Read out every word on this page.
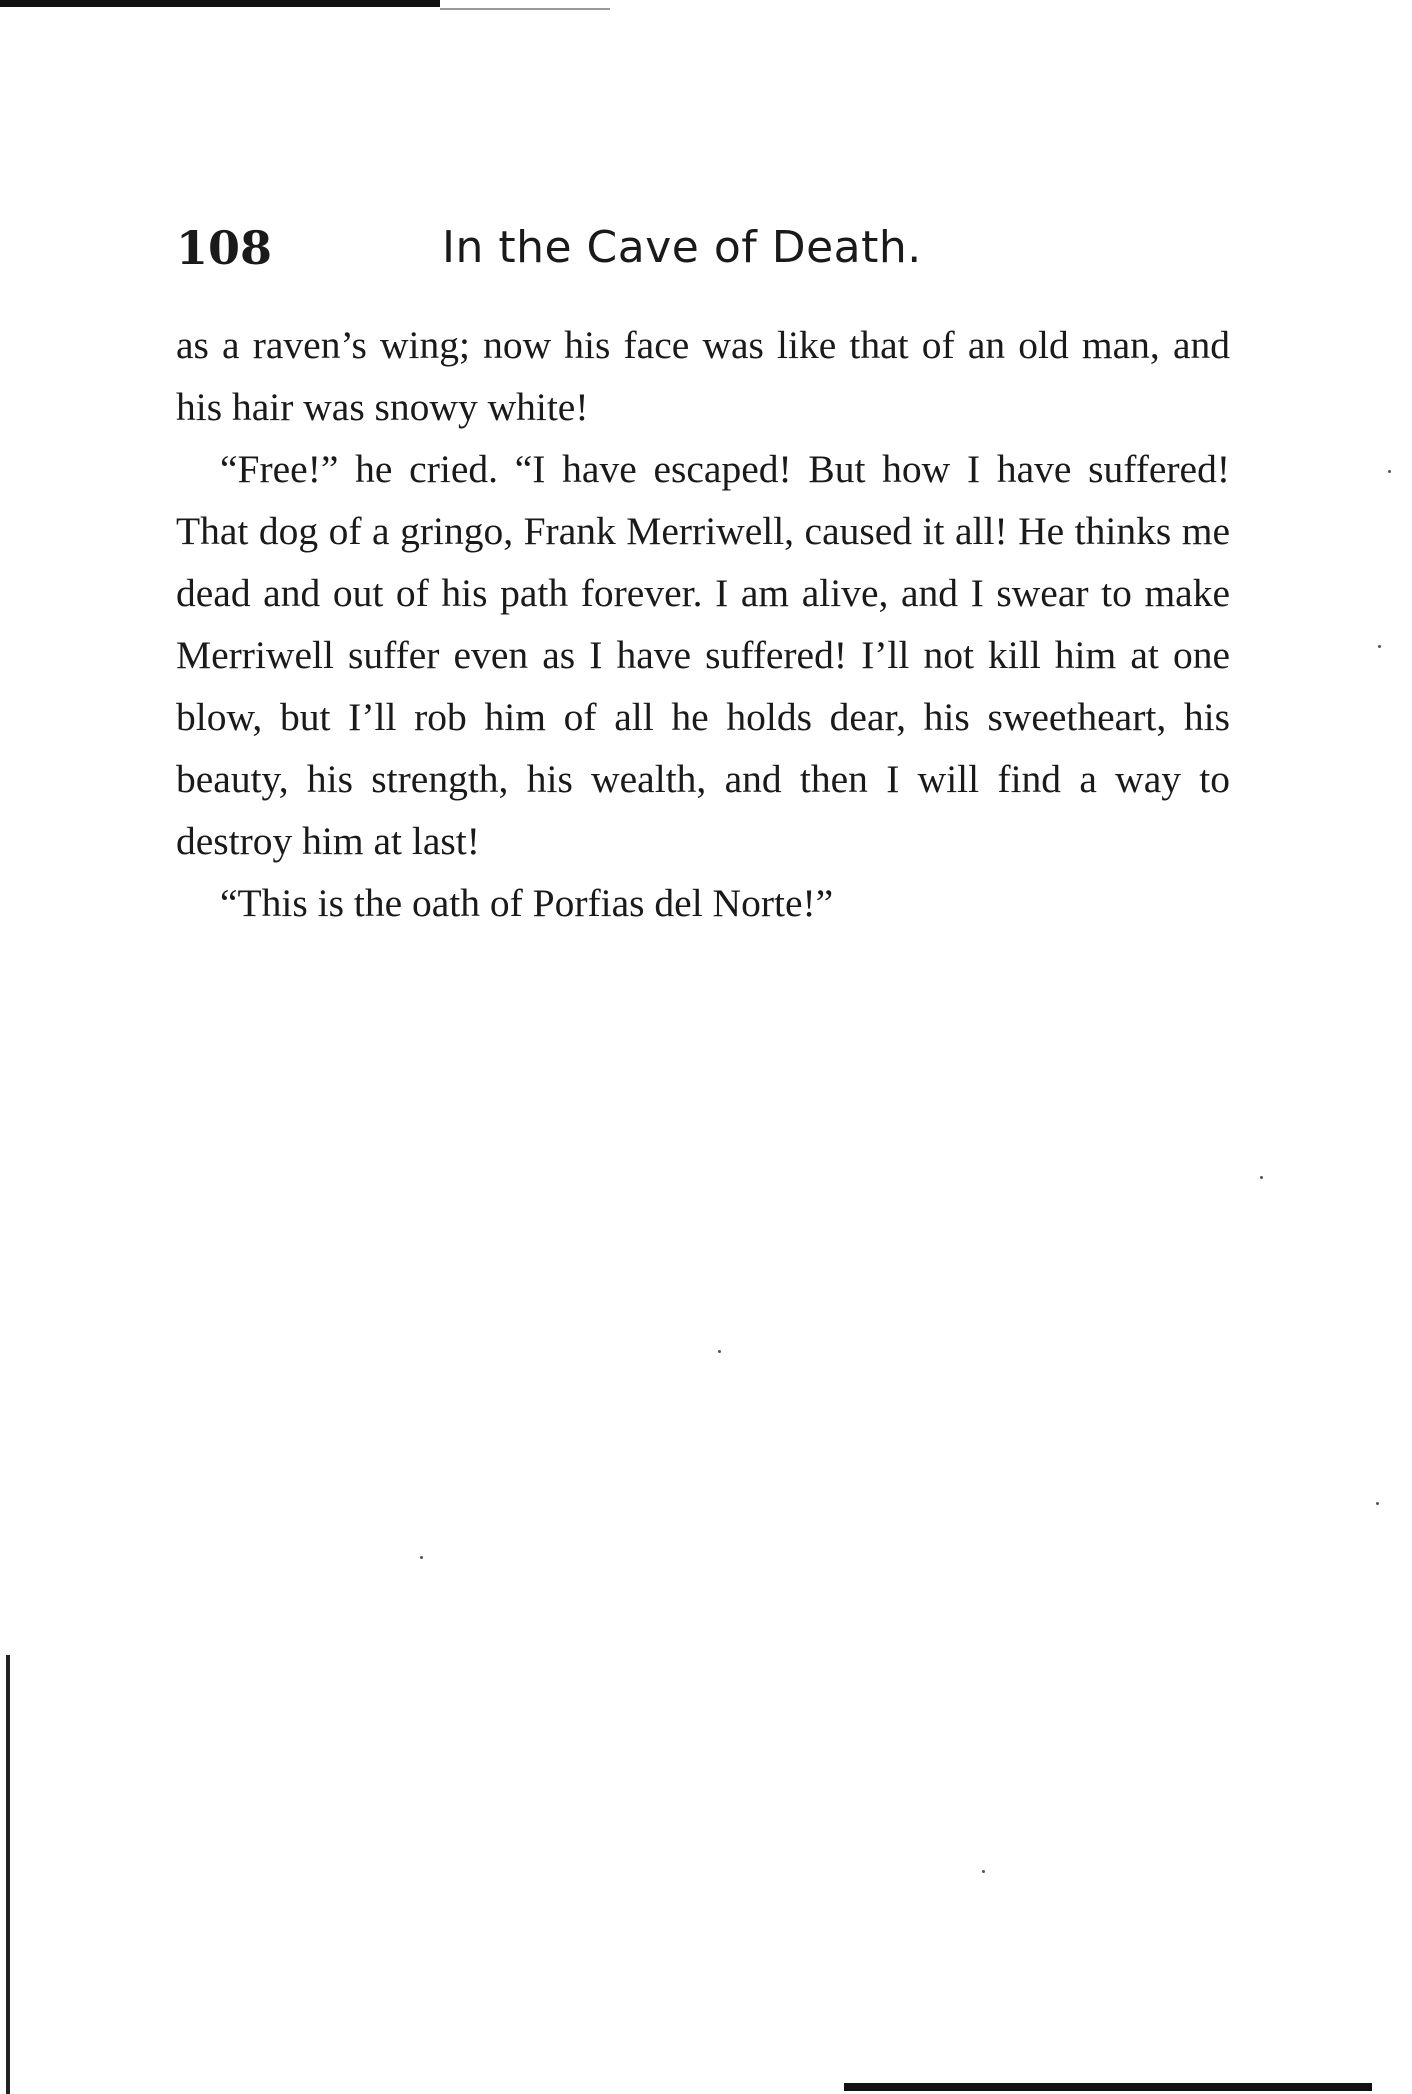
108	In the Cave of Death.

as a raven’s wing; now his face was like that of an old man, and his hair was snowy white!

“Free!” he cried. “I have escaped! But how I have suffered! That dog of a gringo, Frank Merriwell, caused it all! He thinks me dead and out of his path forever. I am alive, and I swear to make Merriwell suffer even as I have suffered! I’ll not kill him at one blow, but I’ll rob him of all he holds dear, his sweetheart, his beauty, his strength, his wealth, and then I will find a way to destroy him at last!

“This is the oath of Porfias del Norte!”
